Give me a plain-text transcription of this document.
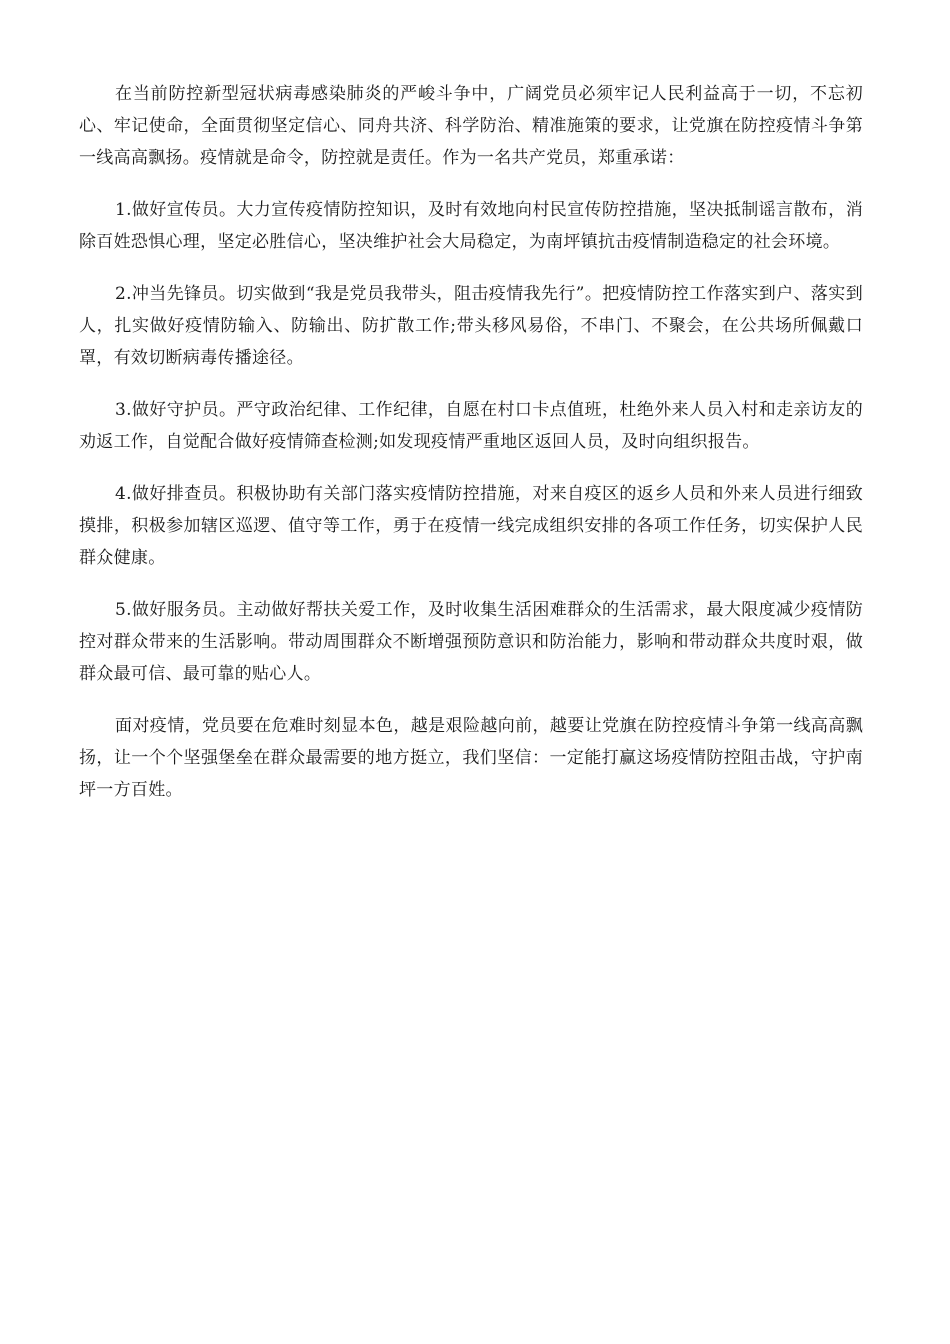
在当前防控新型冠状病毒感染肺炎的严峻斗争中，广阔党员必须牢记人民利益高于一切，不忘初心、牢记使命，全面贯彻坚定信心、同舟共济、科学防治、精准施策的要求，让党旗在防控疫情斗争第一线高高飘扬。疫情就是命令，防控就是责任。作为一名共产党员，郑重承诺：

1.做好宣传员。大力宣传疫情防控知识，及时有效地向村民宣传防控措施，坚决抵制谣言散布，消除百姓恐惧心理，坚定必胜信心，坚决维护社会大局稳定，为南坪镇抗击疫情制造稳定的社会环境。

2.冲当先锋员。切实做到“我是党员我带头，阻击疫情我先行”。把疫情防控工作落实到户、落实到人，扎实做好疫情防输入、防输出、防扩散工作;带头移风易俗，不串门、不聚会，在公共场所佩戴口罩，有效切断病毒传播途径。

3.做好守护员。严守政治纪律、工作纪律，自愿在村口卡点值班，杜绝外来人员入村和走亲访友的劝返工作，自觉配合做好疫情筛查检测;如发现疫情严重地区返回人员，及时向组织报告。

4.做好排查员。积极协助有关部门落实疫情防控措施，对来自疫区的返乡人员和外来人员进行细致摸排，积极参加辖区巡逻、值守等工作，勇于在疫情一线完成组织安排的各项工作任务，切实保护人民群众健康。

5.做好服务员。主动做好帮扶关爱工作，及时收集生活困难群众的生活需求，最大限度减少疫情防控对群众带来的生活影响。带动周围群众不断增强预防意识和防治能力，影响和带动群众共度时艰，做群众最可信、最可靠的贴心人。

面对疫情，党员要在危难时刻显本色，越是艰险越向前，越要让党旗在防控疫情斗争第一线高高飘扬，让一个个坚强堡垒在群众最需要的地方挺立，我们坚信：一定能打赢这场疫情防控阻击战，守护南坪一方百姓。
